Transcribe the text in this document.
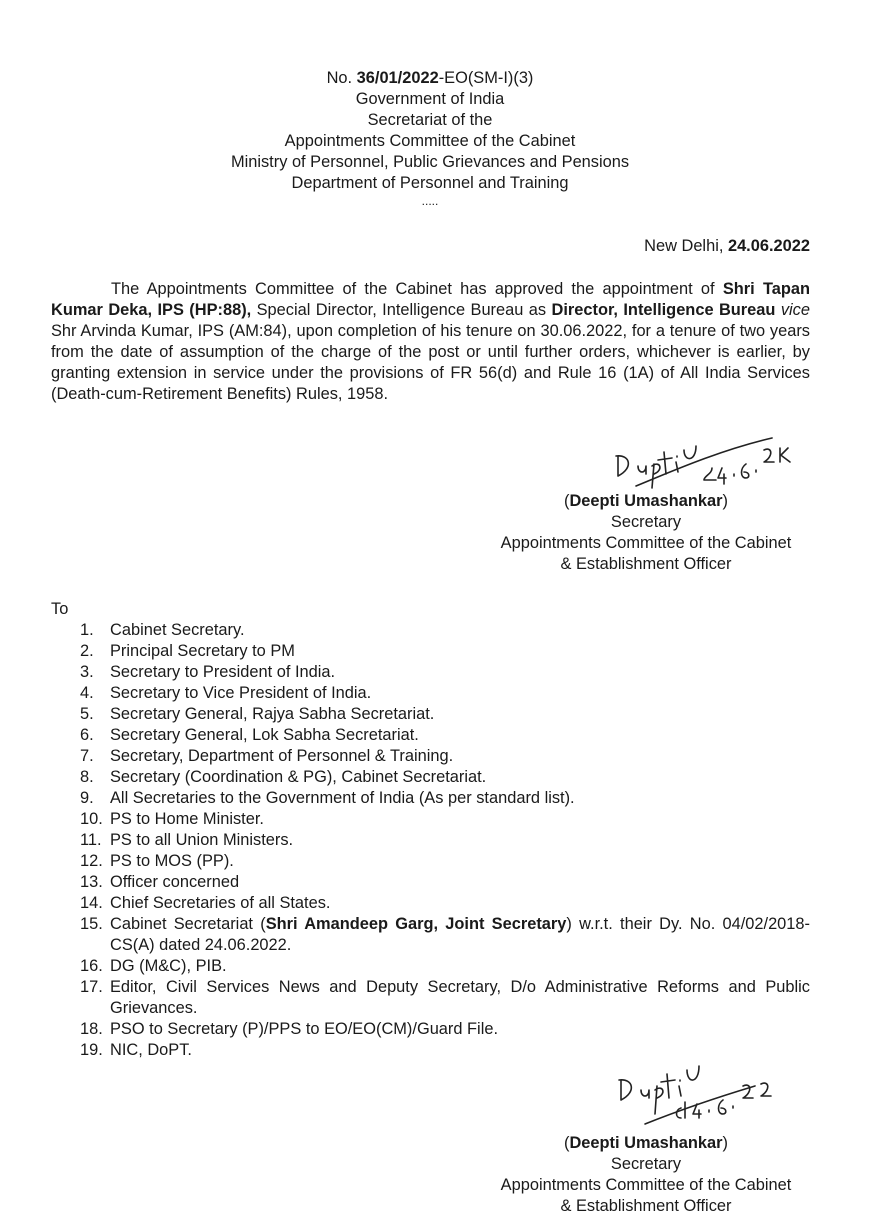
No. 36/01/2022-EO(SM-I)(3)
Government of India
Secretariat of the
Appointments Committee of the Cabinet
Ministry of Personnel, Public Grievances and Pensions
Department of Personnel and Training
.....
New Delhi, 24.06.2022
The Appointments Committee of the Cabinet has approved the appointment of Shri Tapan Kumar Deka, IPS (HP:88), Special Director, Intelligence Bureau as Director, Intelligence Bureau vice Shr Arvinda Kumar, IPS (AM:84), upon completion of his tenure on 30.06.2022, for a tenure of two years from the date of assumption of the charge of the post or until further orders, whichever is earlier, by granting extension in service under the provisions of FR 56(d) and Rule 16 (1A) of All India Services (Death-cum-Retirement Benefits) Rules, 1958.
(Deepti Umashankar)
Secretary
Appointments Committee of the Cabinet
& Establishment Officer
To
1. Cabinet Secretary.
2. Principal Secretary to PM
3. Secretary to President of India.
4. Secretary to Vice President of India.
5. Secretary General, Rajya Sabha Secretariat.
6. Secretary General, Lok Sabha Secretariat.
7. Secretary, Department of Personnel & Training.
8. Secretary (Coordination & PG), Cabinet Secretariat.
9. All Secretaries to the Government of India (As per standard list).
10. PS to Home Minister.
11. PS to all Union Ministers.
12. PS to MOS (PP).
13. Officer concerned
14. Chief Secretaries of all States.
15. Cabinet Secretariat (Shri Amandeep Garg, Joint Secretary) w.r.t. their Dy. No. 04/02/2018-CS(A) dated 24.06.2022.
16. DG (M&C), PIB.
17. Editor, Civil Services News and Deputy Secretary, D/o Administrative Reforms and Public Grievances.
18. PSO to Secretary (P)/PPS to EO/EO(CM)/Guard File.
19. NIC, DoPT.
(Deepti Umashankar)
Secretary
Appointments Committee of the Cabinet
& Establishment Officer
